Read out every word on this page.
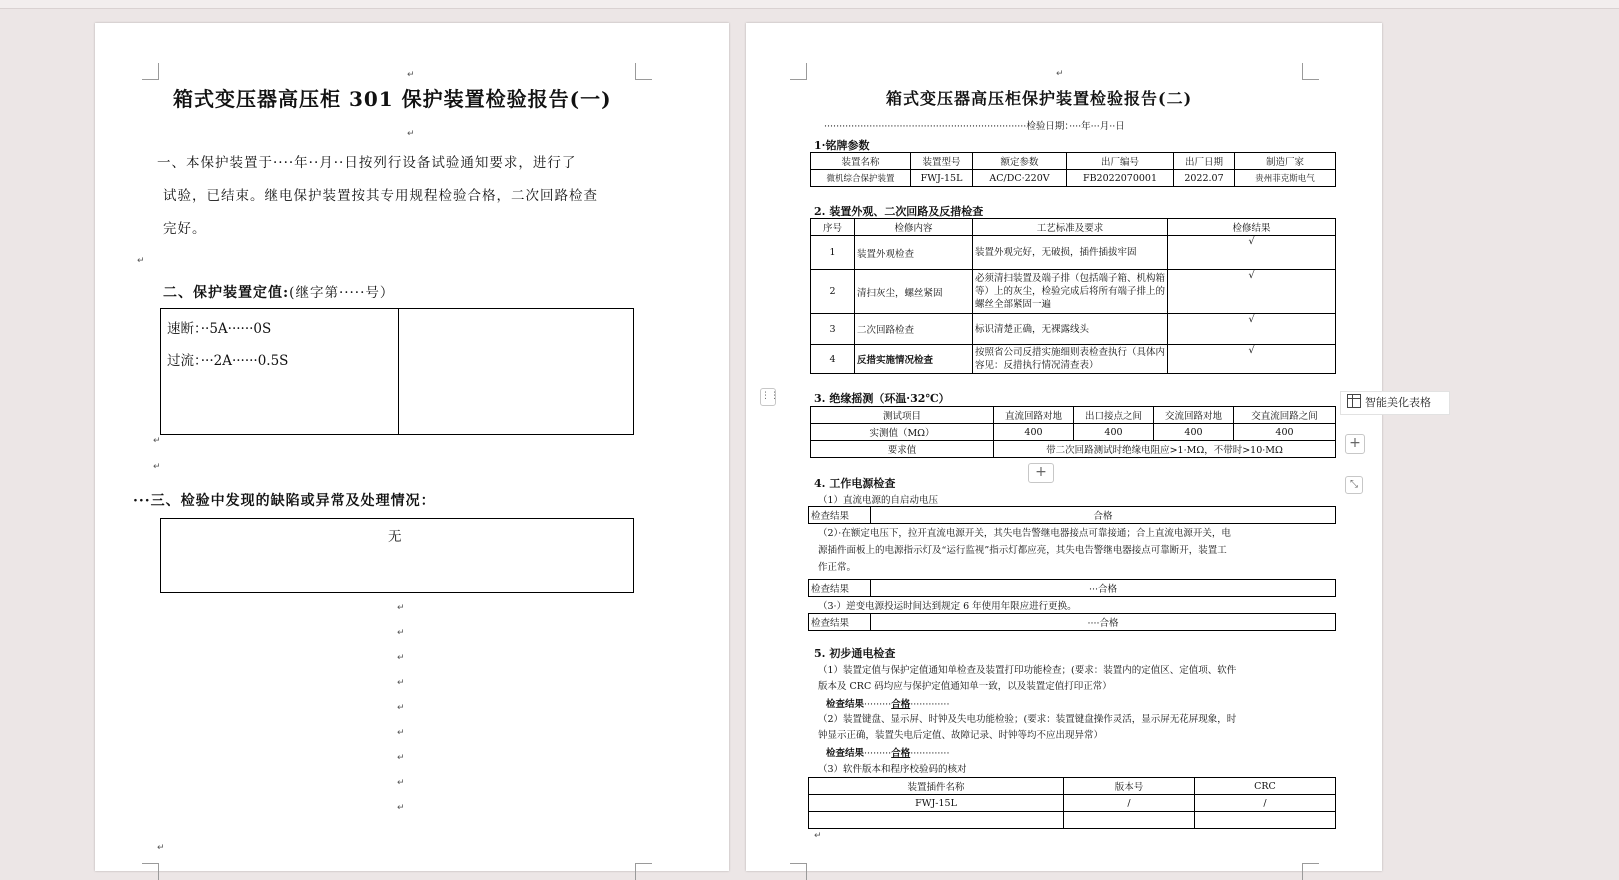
↵
箱式变压器高压柜 301 保护装置检验报告(一)
↵
一、本保护装置于····年··月··日按列行设备试验通知要求，进行了
试验，已结束。继电保护装置按其专用规程检验合格，二次回路检查
完好。
↵
二、保护装置定值:(继字第·····号）
速断：··5A······0S
过流：···2A······0.5S
↵
↵
···三、检验中发现的缺陷或异常及处理情况：
无
↵
↵
↵
↵
↵
↵
↵
↵
↵
↵
↵
箱式变压器高压柜保护装置检验报告(二)
···································································检验日期：····年···月··日
1·铭牌参数
装置名称	装置型号	额定参数	出厂编号	出厂日期	制造厂家
微机综合保护装置	FWJ-15L	AC/DC·220V	FB2022070001	2022.07	贵州菲克斯电气
2. 装置外观、二次回路及反措检查
序号	检修内容	工艺标准及要求	检修结果
1	装置外观检查	装置外观完好，无破损，插件插拔牢固	√
2	清扫灰尘，螺丝紧固	必须清扫装置及端子排（包括端子箱、机构箱等）上的灰尘，检验完成后将所有端子排上的螺丝全部紧固一遍	√
3	二次回路检查	标识清楚正确，无裸露线头	√
4	反措实施情况检查	按照省公司反措实施细则表检查执行（具体内容见：反措执行情况清查表）	√
⋮⋮	3. 绝缘摇测（环温·32℃）
测试项目	直流回路对地	出口接点之间	交流回路对地	交直流回路之间
实测值（MΩ）	400	400	400	400
要求值	带二次回路测试时绝缘电阻应>1·MΩ，不带时>10·MΩ			
+
4. 工作电源检查
（1）直流电源的自启动电压
检查结果	合格
（2）·在额定电压下，拉开直流电源开关，其失电告警继电器接点可靠接通；合上直流电源开关，电
源插件面板上的电源指示灯及“运行监视”指示灯都应亮，其失电告警继电器接点可靠断开，装置工
作正常。
检查结果	···合格
（3·）逆变电源投运时间达到规定 6 年使用年限应进行更换。
检查结果	····合格
5. 初步通电检查
（1）装置定值与保护定值通知单检查及装置打印功能检查；(要求：装置内的定值区、定值项、软件
版本及 CRC 码均应与保护定值通知单一致，以及装置定值打印正常）
检查结果·········合格·············
（2）装置键盘、显示屏、时钟及失电功能检验；(要求：装置键盘操作灵活，显示屏无花屏现象，时
钟显示正确，装置失电后定值、故障记录、时钟等均不应出现异常）
检查结果·········合格·············
（3）软件版本和程序校验码的核对
装置插件名称	版本号	CRC
FWJ-15L	/	/

↵
智能美化表格
+
⤡
